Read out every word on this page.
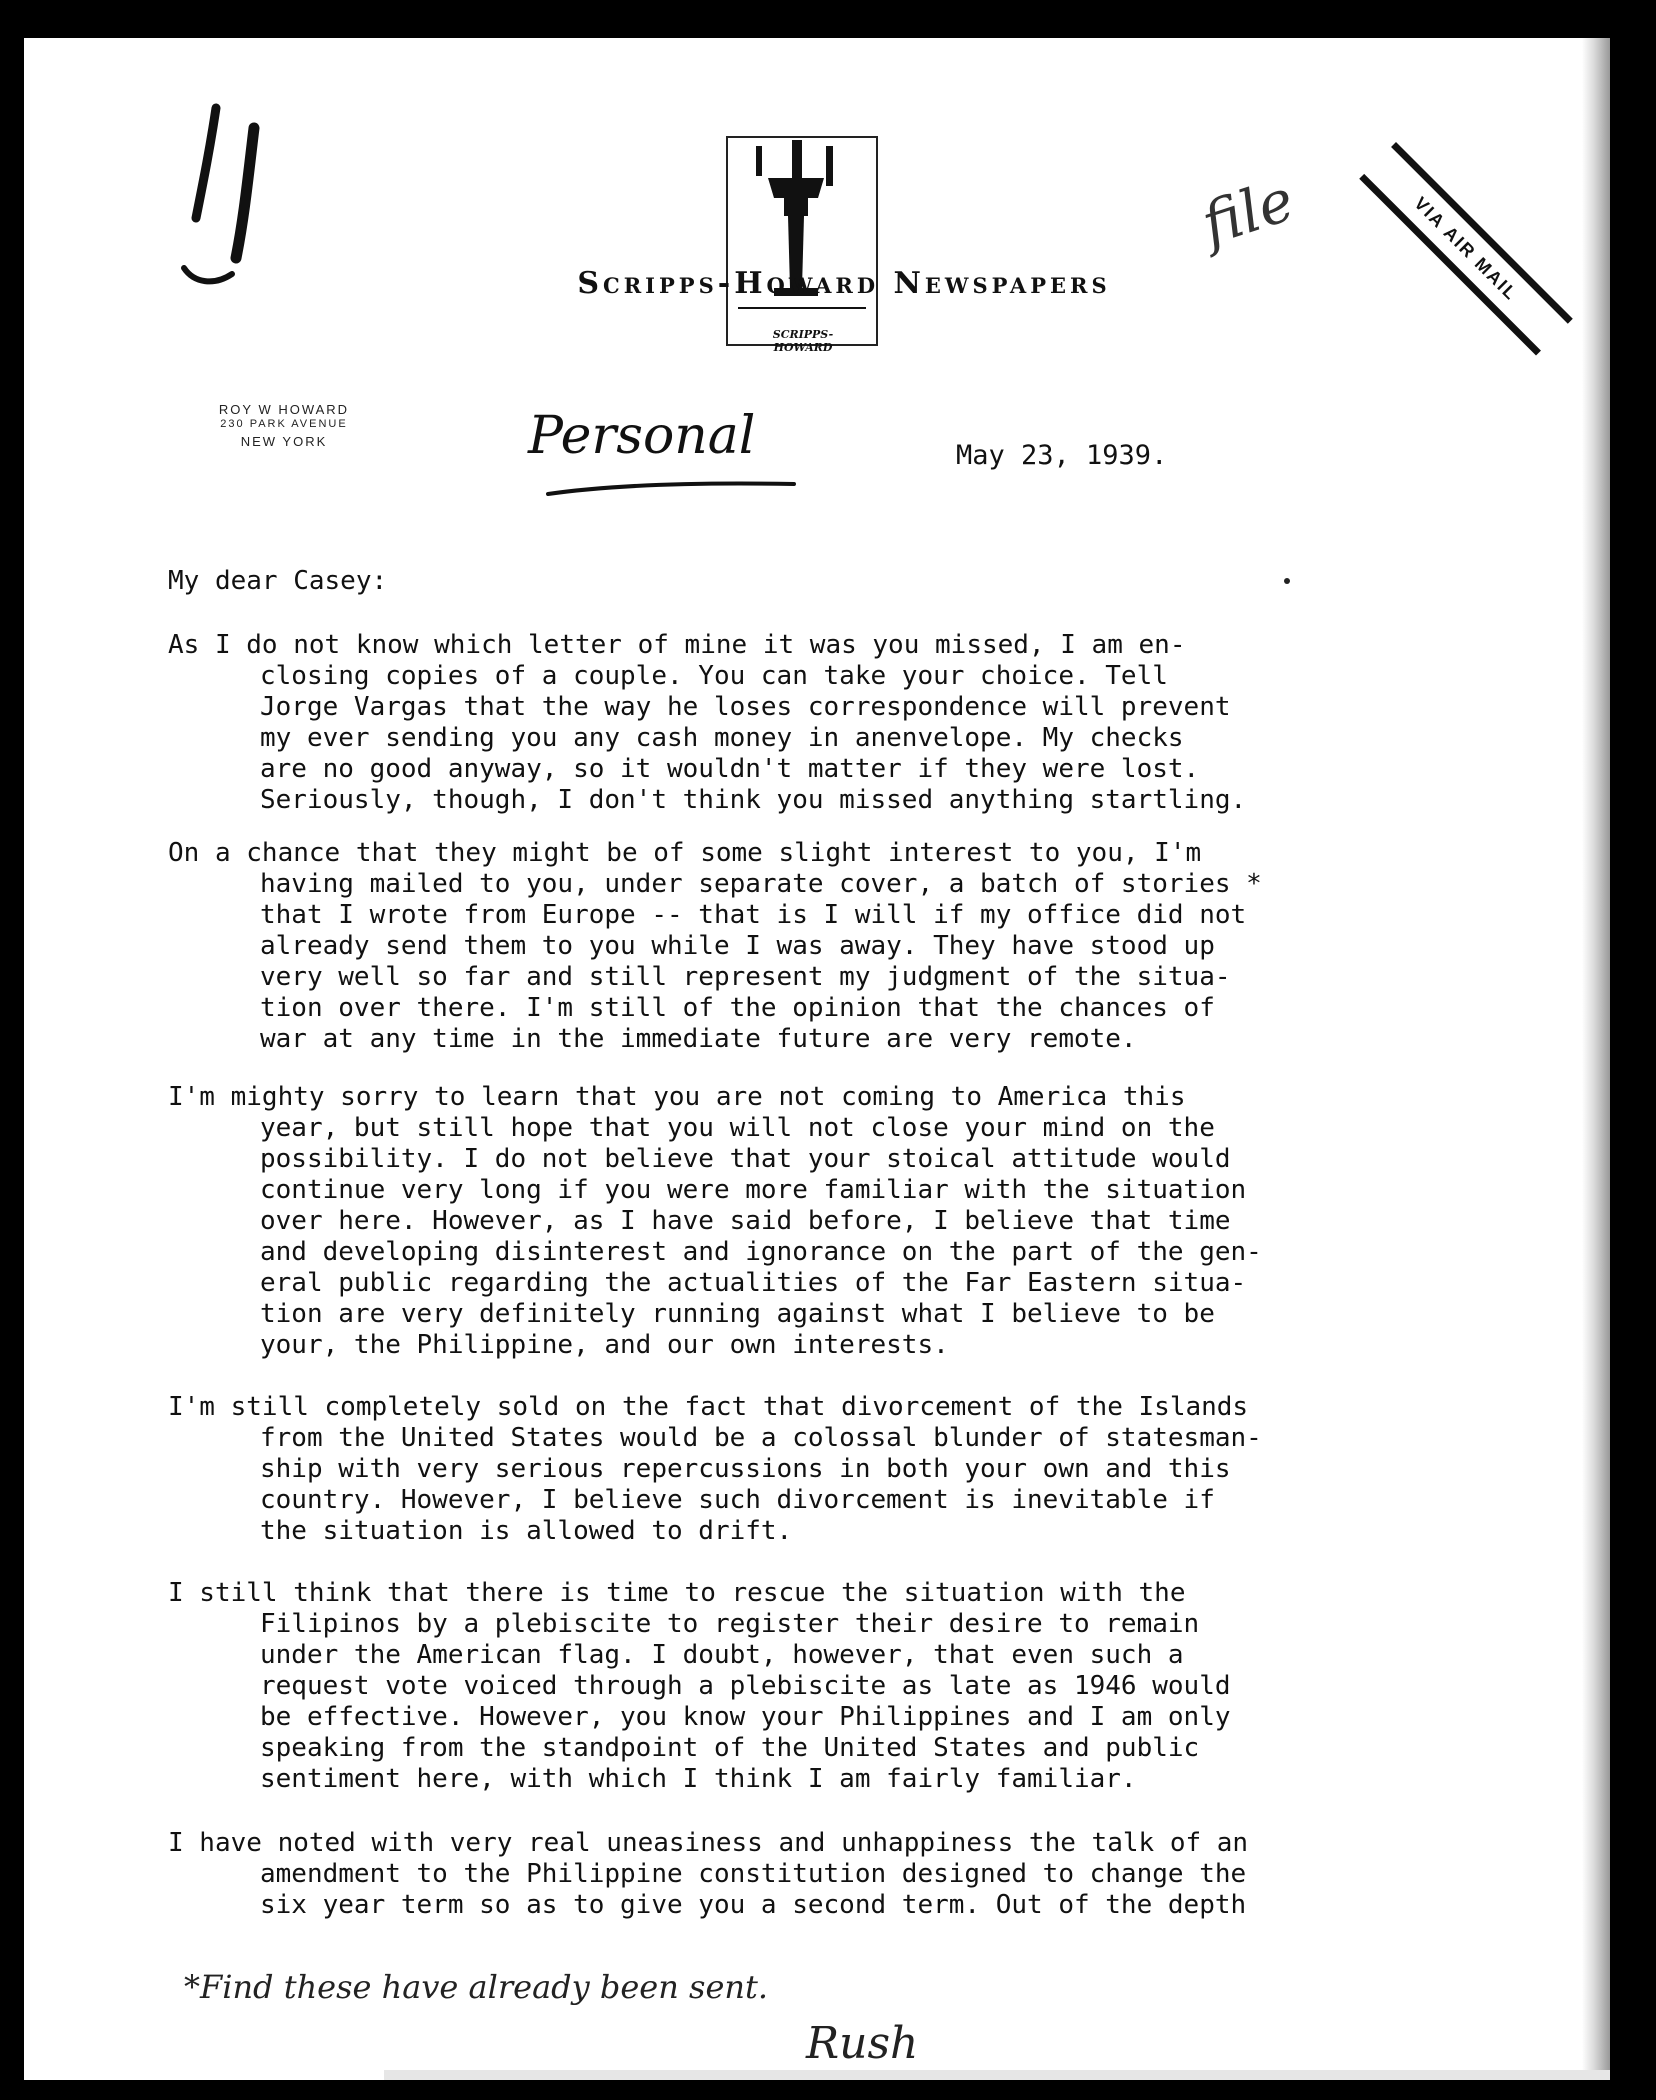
SCRIPPS-HOWARD
Scripps-Howard Newspapers
ROY W HOWARD
230 PARK AVENUE
NEW YORK	Personal	May 23, 1939.
file	VIA AIR MAIL
My dear Casey:
As I do not know which letter of mine it was you missed, I am en-
closing copies of a couple. You can take your choice. Tell
Jorge Vargas that the way he loses correspondence will prevent
my ever sending you any cash money in anenvelope. My checks
are no good anyway, so it wouldn't matter if they were lost.
Seriously, though, I don't think you missed anything startling.
On a chance that they might be of some slight interest to you, I'm
having mailed to you, under separate cover, a batch of stories *
that I wrote from Europe -- that is I will if my office did not
already send them to you while I was away. They have stood up
very well so far and still represent my judgment of the situa-
tion over there. I'm still of the opinion that the chances of
war at any time in the immediate future are very remote.
I'm mighty sorry to learn that you are not coming to America this
year, but still hope that you will not close your mind on the
possibility. I do not believe that your stoical attitude would
continue very long if you were more familiar with the situation
over here. However, as I have said before, I believe that time
and developing disinterest and ignorance on the part of the gen-
eral public regarding the actualities of the Far Eastern situa-
tion are very definitely running against what I believe to be
your, the Philippine, and our own interests.
I'm still completely sold on the fact that divorcement of the Islands
from the United States would be a colossal blunder of statesman-
ship with very serious repercussions in both your own and this
country. However, I believe such divorcement is inevitable if
the situation is allowed to drift.
I still think that there is time to rescue the situation with the
Filipinos by a plebiscite to register their desire to remain
under the American flag. I doubt, however, that even such a
request vote voiced through a plebiscite as late as 1946 would
be effective. However, you know your Philippines and I am only
speaking from the standpoint of the United States and public
sentiment here, with which I think I am fairly familiar.
I have noted with very real uneasiness and unhappiness the talk of an
amendment to the Philippine constitution designed to change the
six year term so as to give you a second term. Out of the depth
*Find these have already been sent.
Rush
